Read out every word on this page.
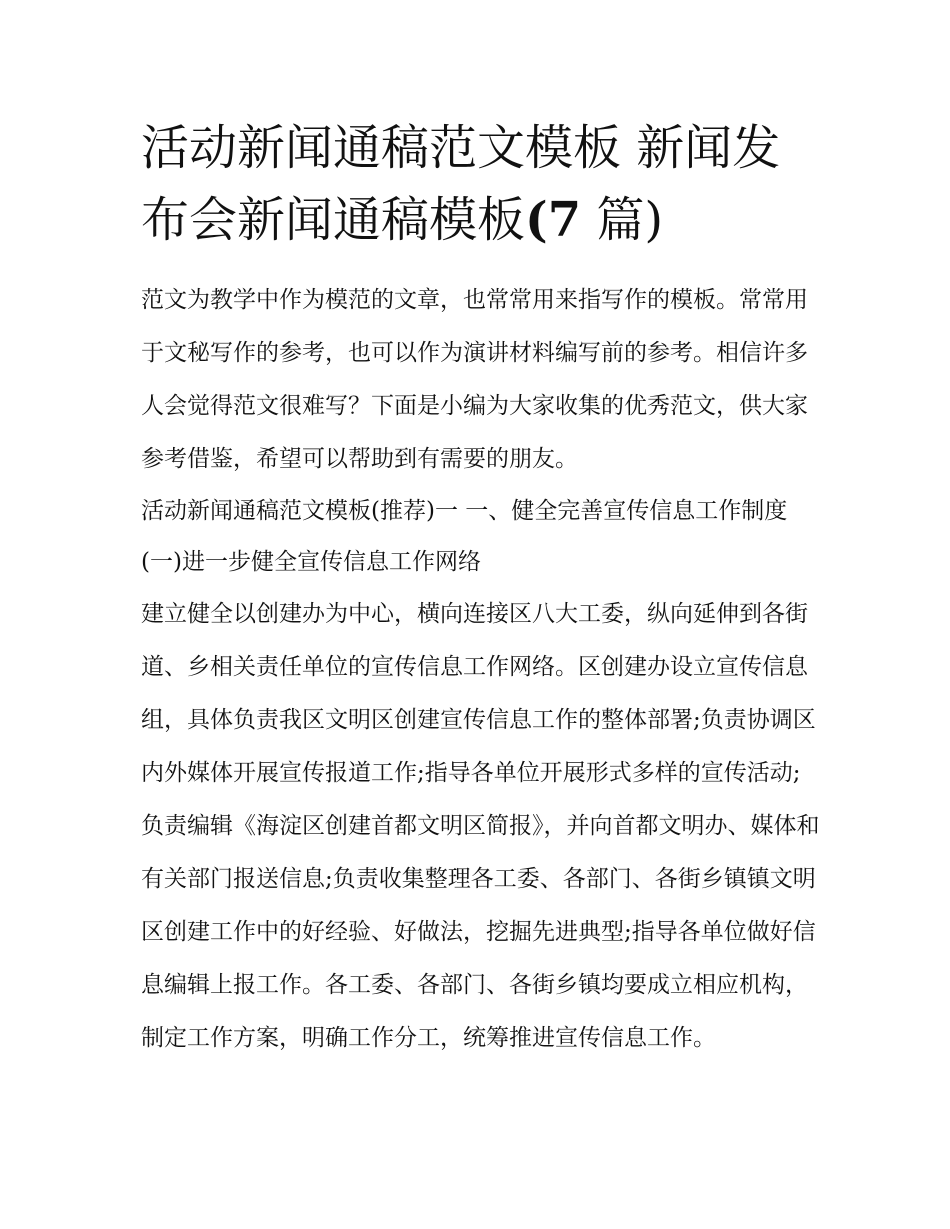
活动新闻通稿范文模板 新闻发
布会新闻通稿模板(7 篇)

范文为教学中作为模范的文章，也常常用来指写作的模板。常常用于文秘写作的参考，也可以作为演讲材料编写前的参考。相信许多人会觉得范文很难写？下面是小编为大家收集的优秀范文，供大家参考借鉴，希望可以帮助到有需要的朋友。

活动新闻通稿范文模板(推荐)一 一、健全完善宣传信息工作制度 (一)进一步健全宣传信息工作网络

建立健全以创建办为中心，横向连接区八大工委，纵向延伸到各街道、乡相关责任单位的宣传信息工作网络。区创建办设立宣传信息组，具体负责我区文明区创建宣传信息工作的整体部署;负责协调区内外媒体开展宣传报道工作;指导各单位开展形式多样的宣传活动;负责编辑《海淀区创建首都文明区简报》，并向首都文明办、媒体和有关部门报送信息;负责收集整理各工委、各部门、各街乡镇镇文明区创建工作中的好经验、好做法，挖掘先进典型;指导各单位做好信息编辑上报工作。各工委、各部门、各街乡镇均要成立相应机构，制定工作方案，明确工作分工，统筹推进宣传信息工作。
